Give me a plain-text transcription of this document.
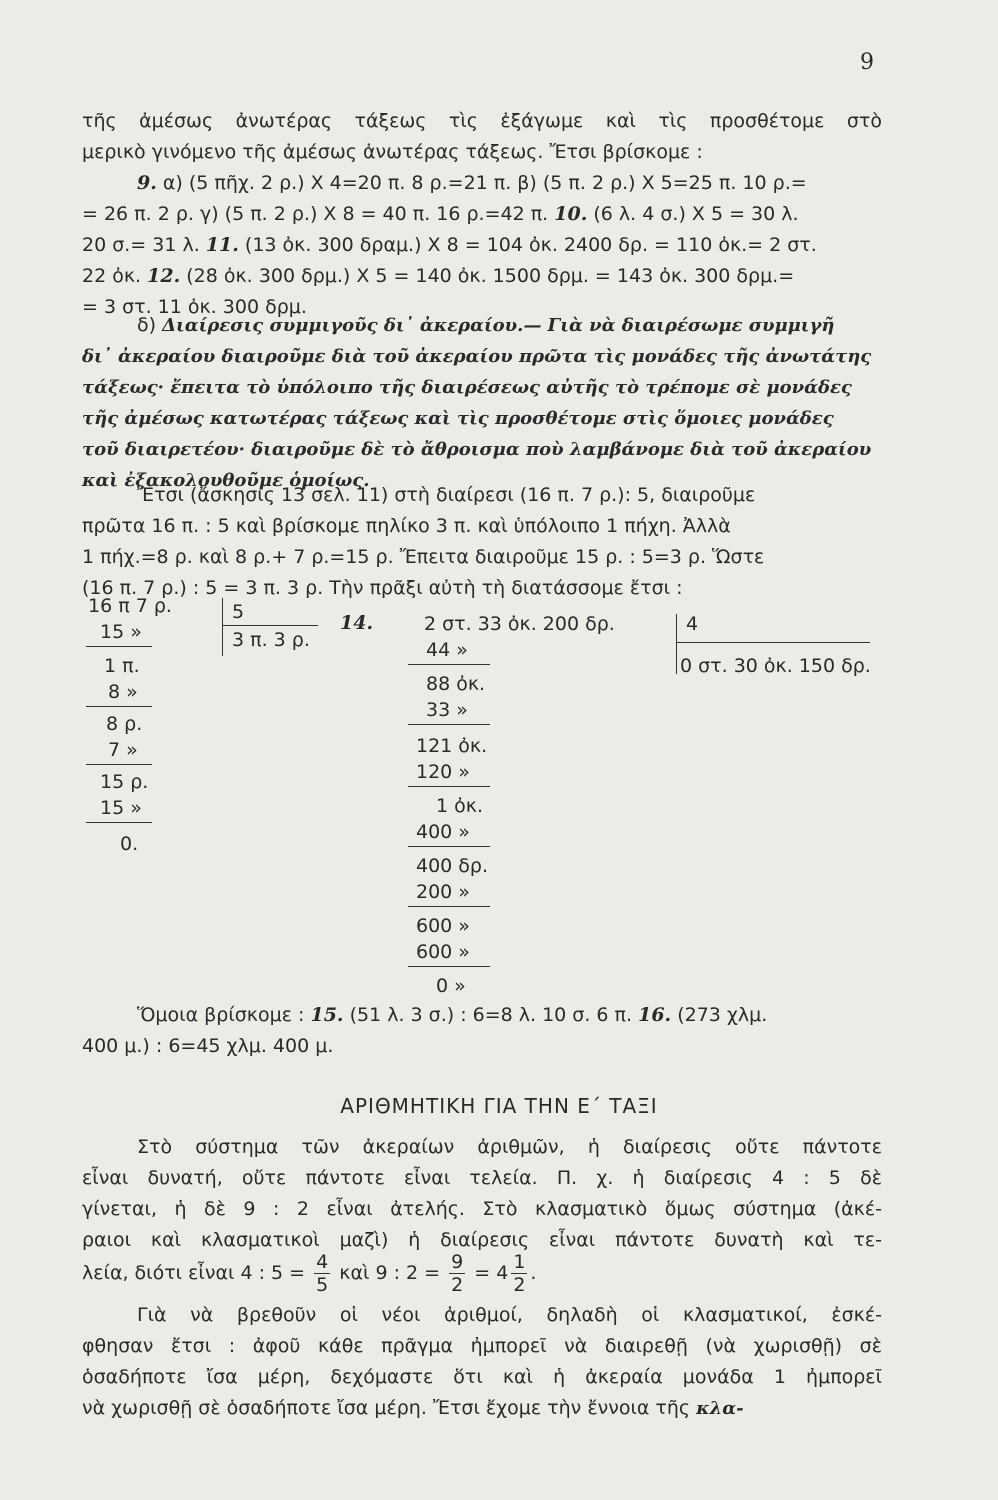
9
τῆς ἀμέσως ἀνωτέρας τάξεως τὶς ἐξάγωμε καὶ τὶς προσθέτομε στὸ
μερικὸ γινόμενο τῆς ἀμέσως ἀνωτέρας τάξεως. Ἔτσι βρίσκομε :
9. α) (5 πῆχ. 2 ρ.) X 4=20 π. 8 ρ.=21 π. β) (5 π. 2 ρ.) X 5=25 π. 10 ρ.=
= 26 π. 2 ρ. γ) (5 π. 2 ρ.) X 8 = 40 π. 16 ρ.=42 π. 10. (6 λ. 4 σ.) X 5 = 30 λ.
20 σ.= 31 λ. 11. (13 ὀκ. 300 δραμ.) X 8 = 104 ὀκ. 2400 δρ. = 110 ὀκ.= 2 στ.
22 ὀκ. 12. (28 ὀκ. 300 δρμ.) X 5 = 140 ὀκ. 1500 δρμ. = 143 ὀκ. 300 δρμ.=
= 3 στ. 11 ὀκ. 300 δρμ.
δ) Διαίρεσις συμμιγοῦς δι᾿ ἀκεραίου.— Γιὰ νὰ διαιρέσωμε συμμιγῆ
δι᾿ ἀκεραίου διαιροῦμε διὰ τοῦ ἀκεραίου πρῶτα τὶς μονάδες τῆς ἀνωτάτης
τάξεως· ἔπειτα τὸ ὑπόλοιπο τῆς διαιρέσεως αὐτῆς τὸ τρέπομε σὲ μονάδες
τῆς ἀμέσως κατωτέρας τάξεως καὶ τὶς προσθέτομε στὶς ὅμοιες μονάδες
τοῦ διαιρετέου· διαιροῦμε δὲ τὸ ἄθροισμα ποὺ λαμβάνομε διὰ τοῦ ἀκεραίου
καὶ ἐξακολουθοῦμε ὁμοίως.
Ἔτσι (ἄσκησις 13 σελ. 11) στὴ διαίρεσι (16 π. 7 ρ.): 5, διαιροῦμε
πρῶτα 16 π. : 5 καὶ βρίσκομε πηλίκο 3 π. καὶ ὑπόλοιπο 1 πήχη. Ἀλλὰ
1 πήχ.=8 ρ. καὶ 8 ρ.+ 7 ρ.=15 ρ. Ἔπειτα διαιροῦμε 15 ρ. : 5=3 ρ. Ὥστε
(16 π. 7 ρ.) : 5 = 3 π. 3 ρ. Τὴν πρᾶξι αὐτὴ τὴ διατάσσομε ἔτσι :
16 π 7 ρ.
15 »
1 π.
8 »
8 ρ.
7 »
15 ρ.
15 »
0.
5
3 π. 3 ρ.
14.	2 στ. 33 ὀκ. 200 δρ.
44 »
88 ὀκ.
33 »
121 ὀκ.
120 »
1 ὀκ.
400 »
400 δρ.
200 »
600 »
600 »
0 »
4
0 στ. 30 ὀκ. 150 δρ.
Ὅμοια βρίσκομε : 15. (51 λ. 3 σ.) : 6=8 λ. 10 σ. 6 π. 16. (273 χλμ.
400 μ.) : 6=45 χλμ. 400 μ.
ΑΡΙΘΜΗΤΙΚΗ ΓΙΑ ΤΗΝ Ε΄ ΤΑΞΙ
Στὸ σύστημα τῶν ἀκεραίων ἀριθμῶν, ἡ διαίρεσις οὔτε πάντοτε
εἶναι δυνατή, οὔτε πάντοτε εἶναι τελεία. Π. χ. ἡ διαίρεσις 4 : 5 δὲ
γίνεται, ἡ δὲ 9 : 2 εἶναι ἀτελής. Στὸ κλασματικὸ ὅμως σύστημα (ἀκέ-
ραιοι καὶ κλασματικοὶ μαζὶ) ἡ διαίρεσις εἶναι πάντοτε δυνατὴ καὶ τε-
λεία, διότι εἶναι 4 : $5 = \frac{4}{5}$ καὶ 9 : $2 = \frac{9}{2} = 4 \frac{1}{2}$ .
Γιὰ νὰ βρεθοῦν οἱ νέοι ἀριθμοί, δηλαδὴ οἱ κλασματικοί, ἐσκέ-
φθησαν ἔτσι : ἀφοῦ κάθε πρᾶγμα ἠμπορεῖ νὰ διαιρεθῇ (νὰ χωρισθῇ) σὲ
ὁσαδήποτε ἴσα μέρη, δεχόμαστε ὅτι καὶ ἡ ἀκεραία μονάδα 1 ἠμπορεῖ
νὰ χωρισθῇ σὲ ὁσαδήποτε ἴσα μέρη. Ἔτσι ἔχομε τὴν ἔννοια τῆς κλα-
